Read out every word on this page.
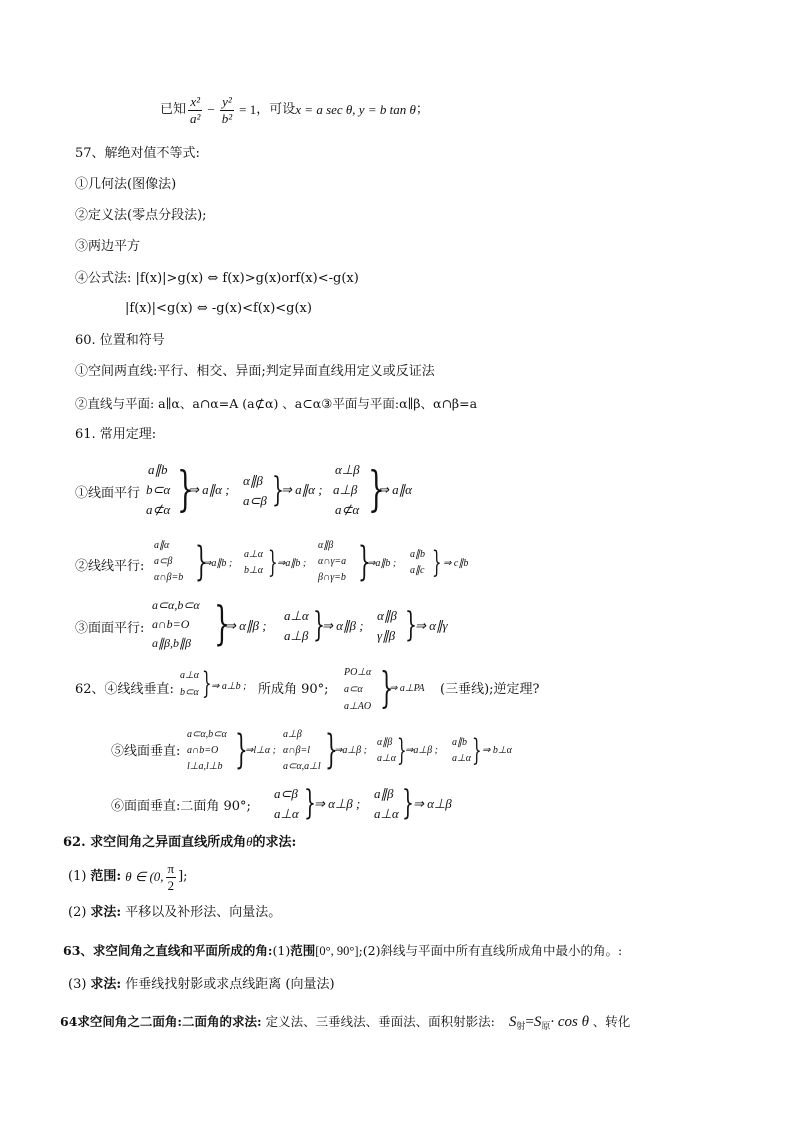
已知 $\frac{\text{x²}}{\text{a²}} - \frac{\text{y²}}{\text{b²}} = 1$ ，可设 x = a sec θ, y = b tan θ ；
57、解绝对值不等式:
①几何法(图像法)
②定义法(零点分段法);
③两边平方
④公式法: |f(x)|>g(x) ⇔ f(x)>g(x)orf(x)<-g(x)
|f(x)|<g(x) ⇔ -g(x)<f(x)<g(x)
60. 位置和符号
①空间两直线:平行、相交、异面;判定异面直线用定义或反证法
②直线与平面: a∥α、a∩α=A (a⊄α) 、a⊂α③平面与平面:α∥β、α∩β=a
61. 常用定理:
①线面平行
a∥b
b⊂α
a⊄α }
⇒ a∥α ;
α∥β
a⊂β }
⇒ a∥α ;
α⊥β
a⊥β
a⊄α }
⇒ a∥α
②线线平行:
a∥α
a⊂β
α∩β=b }
⇒a∥b ;
a⊥α
b⊥α } ⇒a∥b ;
α∥β
α∩γ=a
β∩γ=b }
⇒a∥b ;
a∥b
a∥c } ⇒ c∥b
③面面平行:
a⊂α,b⊂α
a∩b=O
a∥β,b∥β }
⇒ α∥β ;
a⊥α
a⊥β }
⇒ α∥β ;
α∥β
γ∥β }
⇒ α∥γ
62、④线线垂直:
a⊥α
b⊂α } ⇒ a⊥b ; 所成角 90°;
PO⊥α
a⊂α
a⊥AO }
⇒ a⊥PA (三垂线);逆定理?
⑤线面垂直:
a⊂α,b⊂α
a∩b=O
l⊥a,l⊥b }
⇒l⊥α ;
a⊥β
α∩β=l
a⊂α,a⊥l }
⇒a⊥β ;
α∥β
a⊥α }
⇒a⊥β ;
a∥b
a⊥α } ⇒ b⊥α
⑥面面垂直:二面角 90°;
a⊂β
a⊥α }
⇒ α⊥β ;
a∥β
a⊥α } ⇒ α⊥β
62. 求空间角之异面直线所成角θ的求法:
(1) 范围: θ ∈ (0, $\frac{\pi}{2}$ ];
(2) 求法: 平移以及补形法、向量法。
63、求空间角之直线和平面所成的角:(1)范围[0°, 90°];(2)斜线与平面中所有直线所成角中最小的角。:
(3) 求法: 作垂线找射影或求点线距离 (向量法)
64求空间角之二面角:二面角的求法: 定义法、三垂线法、垂面法、面积射影法: $S_射=S_原\cdot \cos \theta$ 、转化
